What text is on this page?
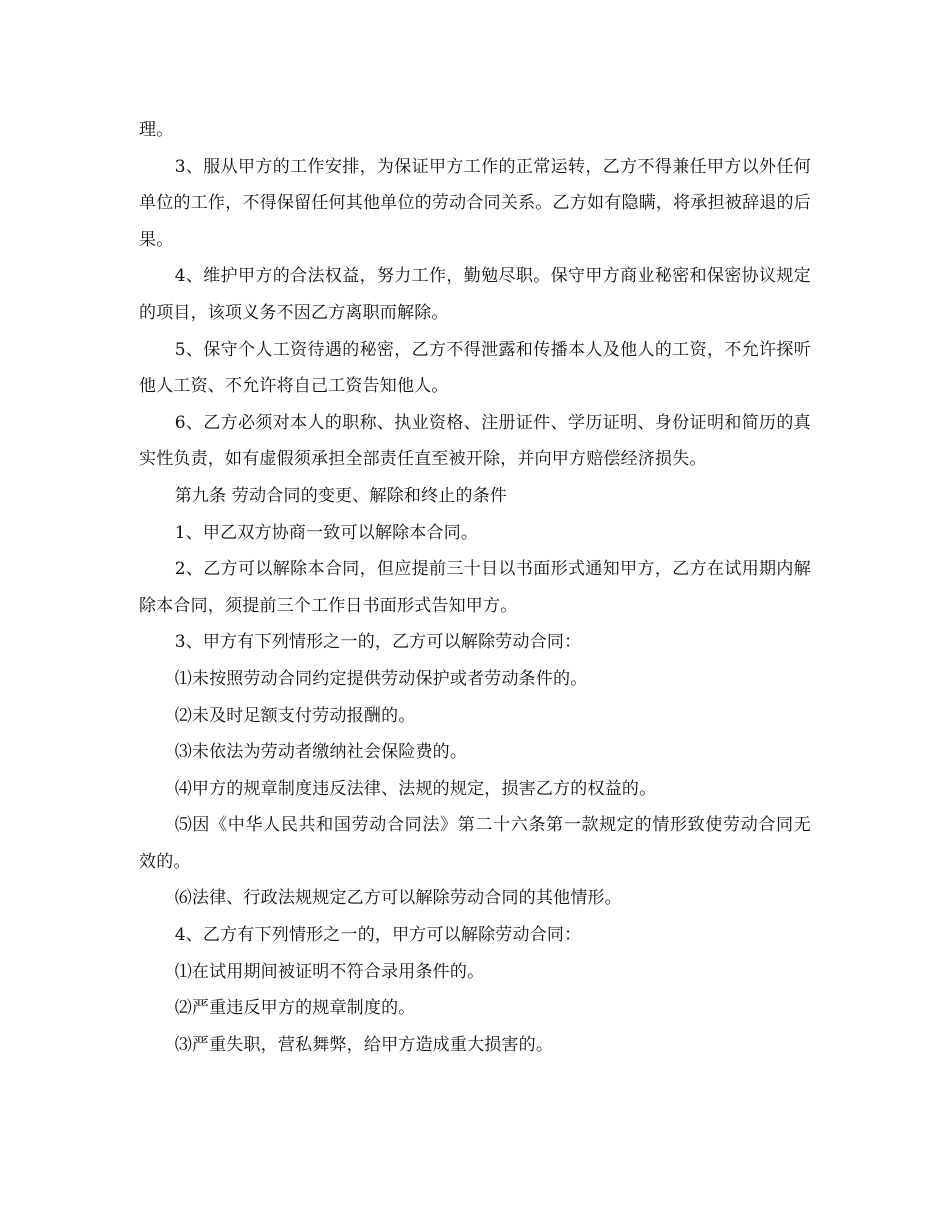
理。

3、服从甲方的工作安排，为保证甲方工作的正常运转，乙方不得兼任甲方以外任何单位的工作，不得保留任何其他单位的劳动合同关系。乙方如有隐瞒，将承担被辞退的后果。

4、维护甲方的合法权益，努力工作，勤勉尽职。保守甲方商业秘密和保密协议规定的项目，该项义务不因乙方离职而解除。

5、保守个人工资待遇的秘密，乙方不得泄露和传播本人及他人的工资，不允许探听他人工资、不允许将自己工资告知他人。

6、乙方必须对本人的职称、执业资格、注册证件、学历证明、身份证明和简历的真实性负责，如有虚假须承担全部责任直至被开除，并向甲方赔偿经济损失。

第九条 劳动合同的变更、解除和终止的条件

1、甲乙双方协商一致可以解除本合同。

2、乙方可以解除本合同，但应提前三十日以书面形式通知甲方，乙方在试用期内解除本合同，须提前三个工作日书面形式告知甲方。

3、甲方有下列情形之一的，乙方可以解除劳动合同：

⑴未按照劳动合同约定提供劳动保护或者劳动条件的。

⑵未及时足额支付劳动报酬的。

⑶未依法为劳动者缴纳社会保险费的。

⑷甲方的规章制度违反法律、法规的规定，损害乙方的权益的。

⑸因《中华人民共和国劳动合同法》第二十六条第一款规定的情形致使劳动合同无效的。

⑹法律、行政法规规定乙方可以解除劳动合同的其他情形。

4、乙方有下列情形之一的，甲方可以解除劳动合同：

⑴在试用期间被证明不符合录用条件的。

⑵严重违反甲方的规章制度的。

⑶严重失职，营私舞弊，给甲方造成重大损害的。
